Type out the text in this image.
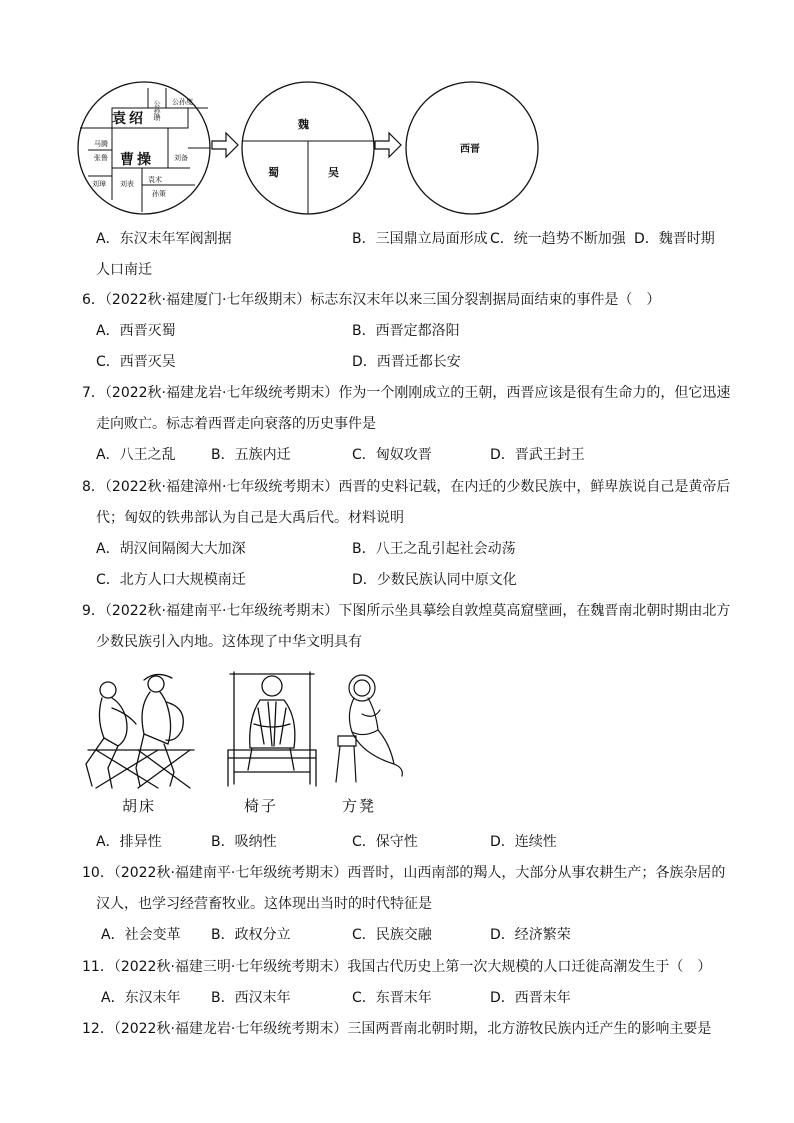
袁绍
曹操
公孙瓒 公孙度
马腾
张鲁	刘备
刘璋 刘表 袁术
孙策
魏
蜀	吴
西晋
A．东汉末年军阀割据	B．三国鼎立局面形成 C．统一趋势不断加强 D．魏晋时期
人口南迁
6．（2022秋·福建厦门·七年级期末）标志东汉末年以来三国分裂割据局面结束的事件是（　）
A．西晋灭蜀	B．西晋定都洛阳
C．西晋灭吴	D．西晋迁都长安
7．（2022秋·福建龙岩·七年级统考期末）作为一个刚刚成立的王朝，西晋应该是很有生命力的，但它迅速
走向败亡。标志着西晋走向衰落的历史事件是
A．八王之乱	B．五族内迁	C．匈奴攻晋	D．晋武王封王
8．（2022秋·福建漳州·七年级统考期末）西晋的史料记载，在内迁的少数民族中，鲜卑族说自己是黄帝后
代；匈奴的铁弗部认为自己是大禹后代。材料说明
A．胡汉间隔阂大大加深	B．八王之乱引起社会动荡
C．北方人口大规模南迁	D．少数民族认同中原文化
9．（2022秋·福建南平·七年级统考期末）下图所示坐具摹绘自敦煌莫高窟壁画，在魏晋南北朝时期由北方
少数民族引入内地。这体现了中华文明具有
胡床	椅子	方凳
A．排异性	B．吸纳性	C．保守性	D．连续性
10．（2022秋·福建南平·七年级统考期末）西晋时，山西南部的羯人，大部分从事农耕生产；各族杂居的
汉人，也学习经营畜牧业。这体现出当时的时代特征是
A．社会变革 B．政权分立	C．民族交融	D．经济繁荣
11．（2022秋·福建三明·七年级统考期末）我国古代历史上第一次大规模的人口迁徙高潮发生于（　）
A．东汉末年 B．西汉末年	C．东晋末年	D．西晋末年
12．（2022秋·福建龙岩·七年级统考期末）三国两晋南北朝时期，北方游牧民族内迁产生的影响主要是
